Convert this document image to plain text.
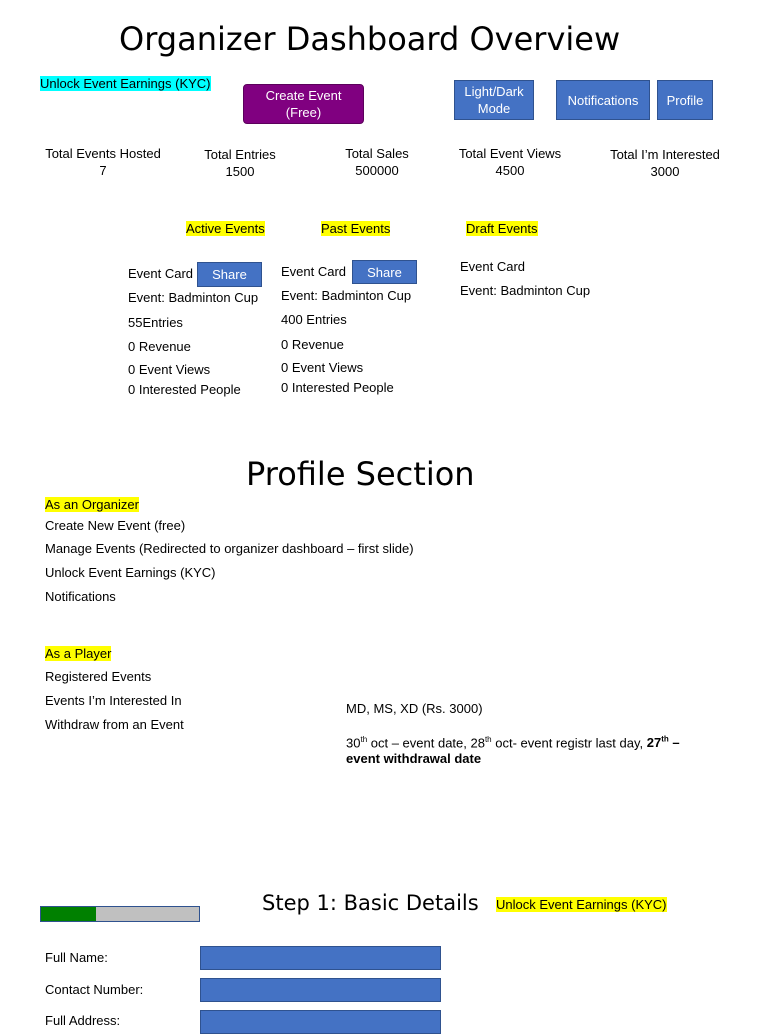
Organizer Dashboard Overview
Unlock Event Earnings (KYC)
Create Event
(Free)
Light/Dark
Mode
Notifications Profile
Total Events Hosted
7
Total Entries
1500
Total Sales
500000
Total Event Views
4500
Total I’m Interested
3000
Active Events	Past Events	Draft Events
Event Card Share
Event: Badminton Cup
55Entries
0 Revenue
0 Event Views
0 Interested People
Event Card Share
Event: Badminton Cup
400 Entries
0 Revenue
0 Event Views
0 Interested People
Event Card
Event: Badminton Cup
Profile Section
As an Organizer
Create New Event (free)
Manage Events (Redirected to organizer dashboard – first slide)
Unlock Event Earnings (KYC)
Notifications
As a Player
Registered Events
Events I’m Interested In
Withdraw from an Event
MD, MS, XD (Rs. 3000)
30th oct – event date, 28th oct- event registr last day, 27th –
event withdrawal date
Step 1: Basic Details Unlock Event Earnings (KYC)
Full Name:
Contact Number:
Full Address:
